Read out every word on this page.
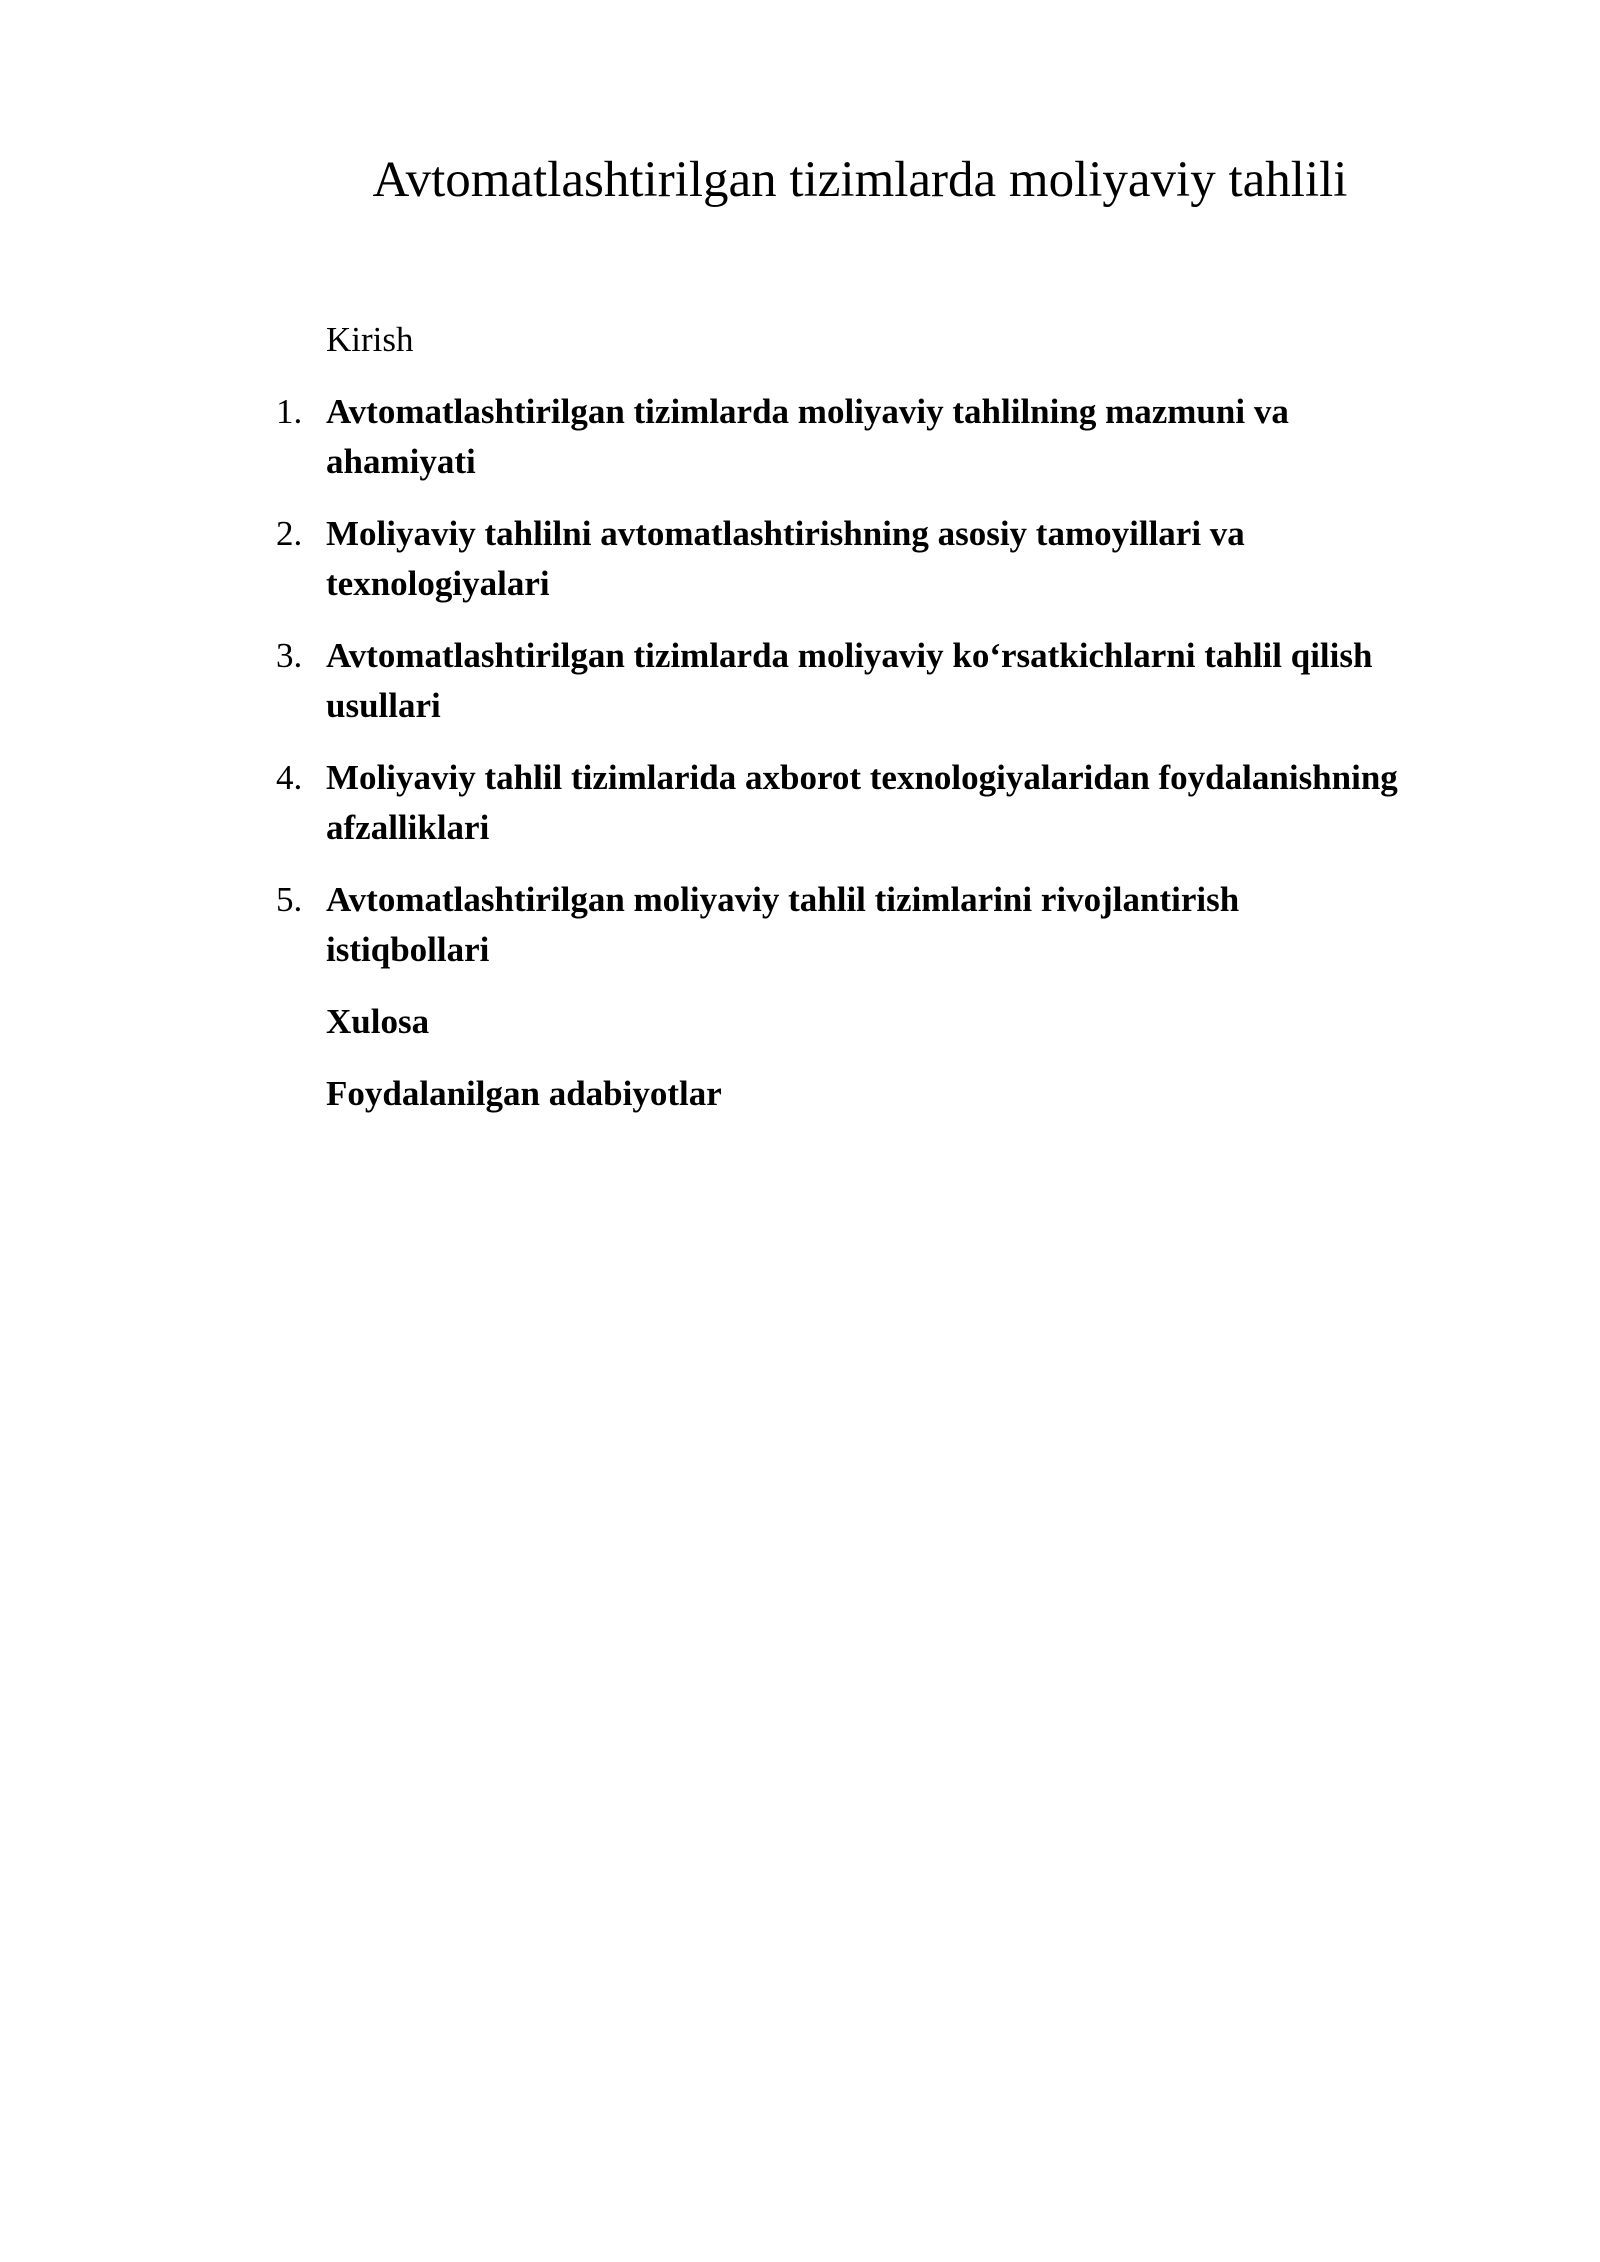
Avtomatlashtirilgan tizimlarda moliyaviy tahlili
Kirish
1. Avtomatlashtirilgan tizimlarda moliyaviy tahlilning mazmuni va
ahamiyati
2. Moliyaviy tahlilni avtomatlashtirishning asosiy tamoyillari va
texnologiyalari
3. Avtomatlashtirilgan tizimlarda moliyaviy ko‘rsatkichlarni tahlil qilish
usullari
4. Moliyaviy tahlil tizimlarida axborot texnologiyalaridan foydalanishning
afzalliklari
5. Avtomatlashtirilgan moliyaviy tahlil tizimlarini rivojlantirish
istiqbollari
Xulosa
Foydalanilgan adabiyotlar
